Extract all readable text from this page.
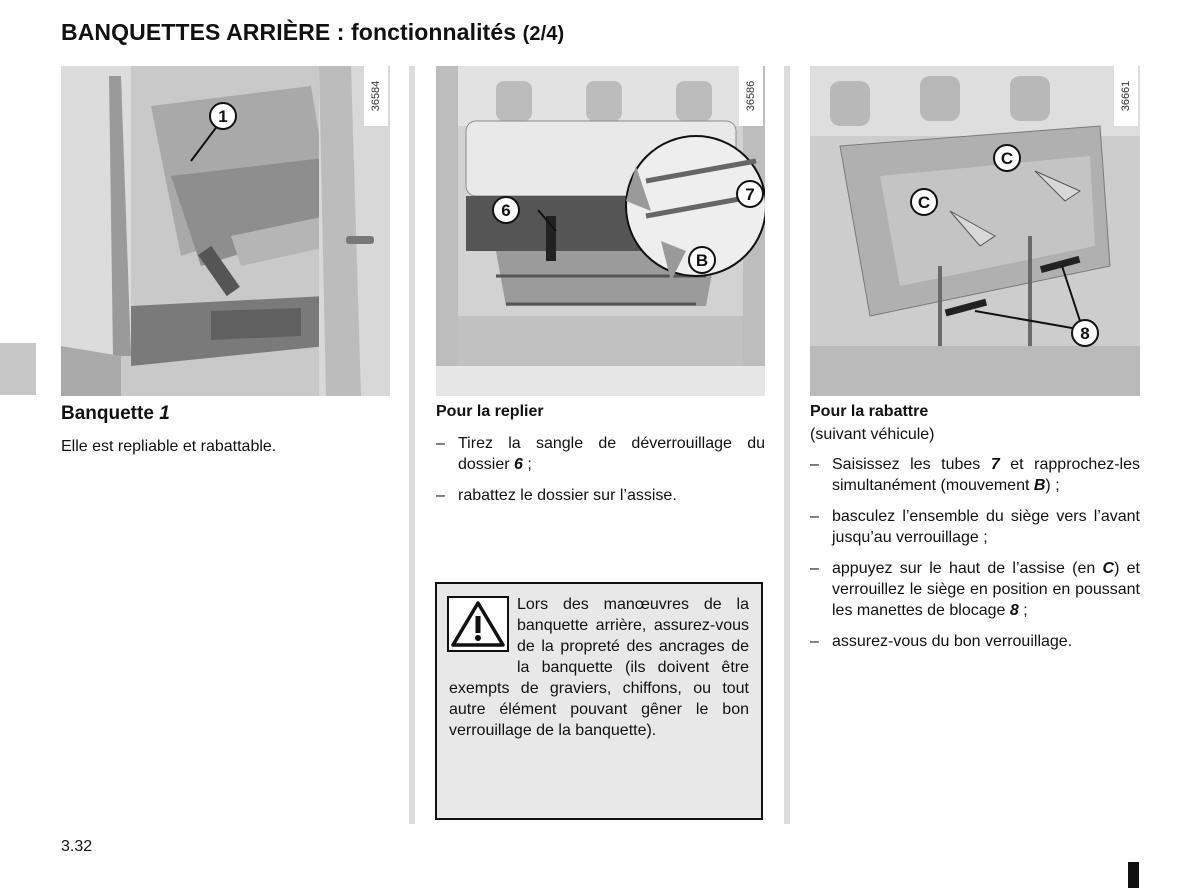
BANQUETTES ARRIÈRE : fonctionnalités (2/4)
1
36584
6
7
B
36586
C
C
8
36661
Banquette 1
Elle est repliable et rabattable.
Pour la replier
– Tirez la sangle de déverrouillage du dossier 6 ;
– rabattez le dossier sur l’assise.
Lors des manœuvres de la banquette arrière, assurez-vous de la propreté des ancrages de la banquette (ils doivent être exempts de graviers, chiffons, ou tout autre élément pouvant gêner le bon verrouillage de la banquette).
Pour la rabattre
(suivant véhicule)
– Saisissez les tubes 7 et rapprochez-les simultanément (mouvement B) ;
– basculez l’ensemble du siège vers l’avant jusqu’au verrouillage ;
– appuyez sur le haut de l’assise (en C) et verrouillez le siège en position en poussant les manettes de blocage 8 ;
– assurez-vous du bon verrouillage.
3.32
